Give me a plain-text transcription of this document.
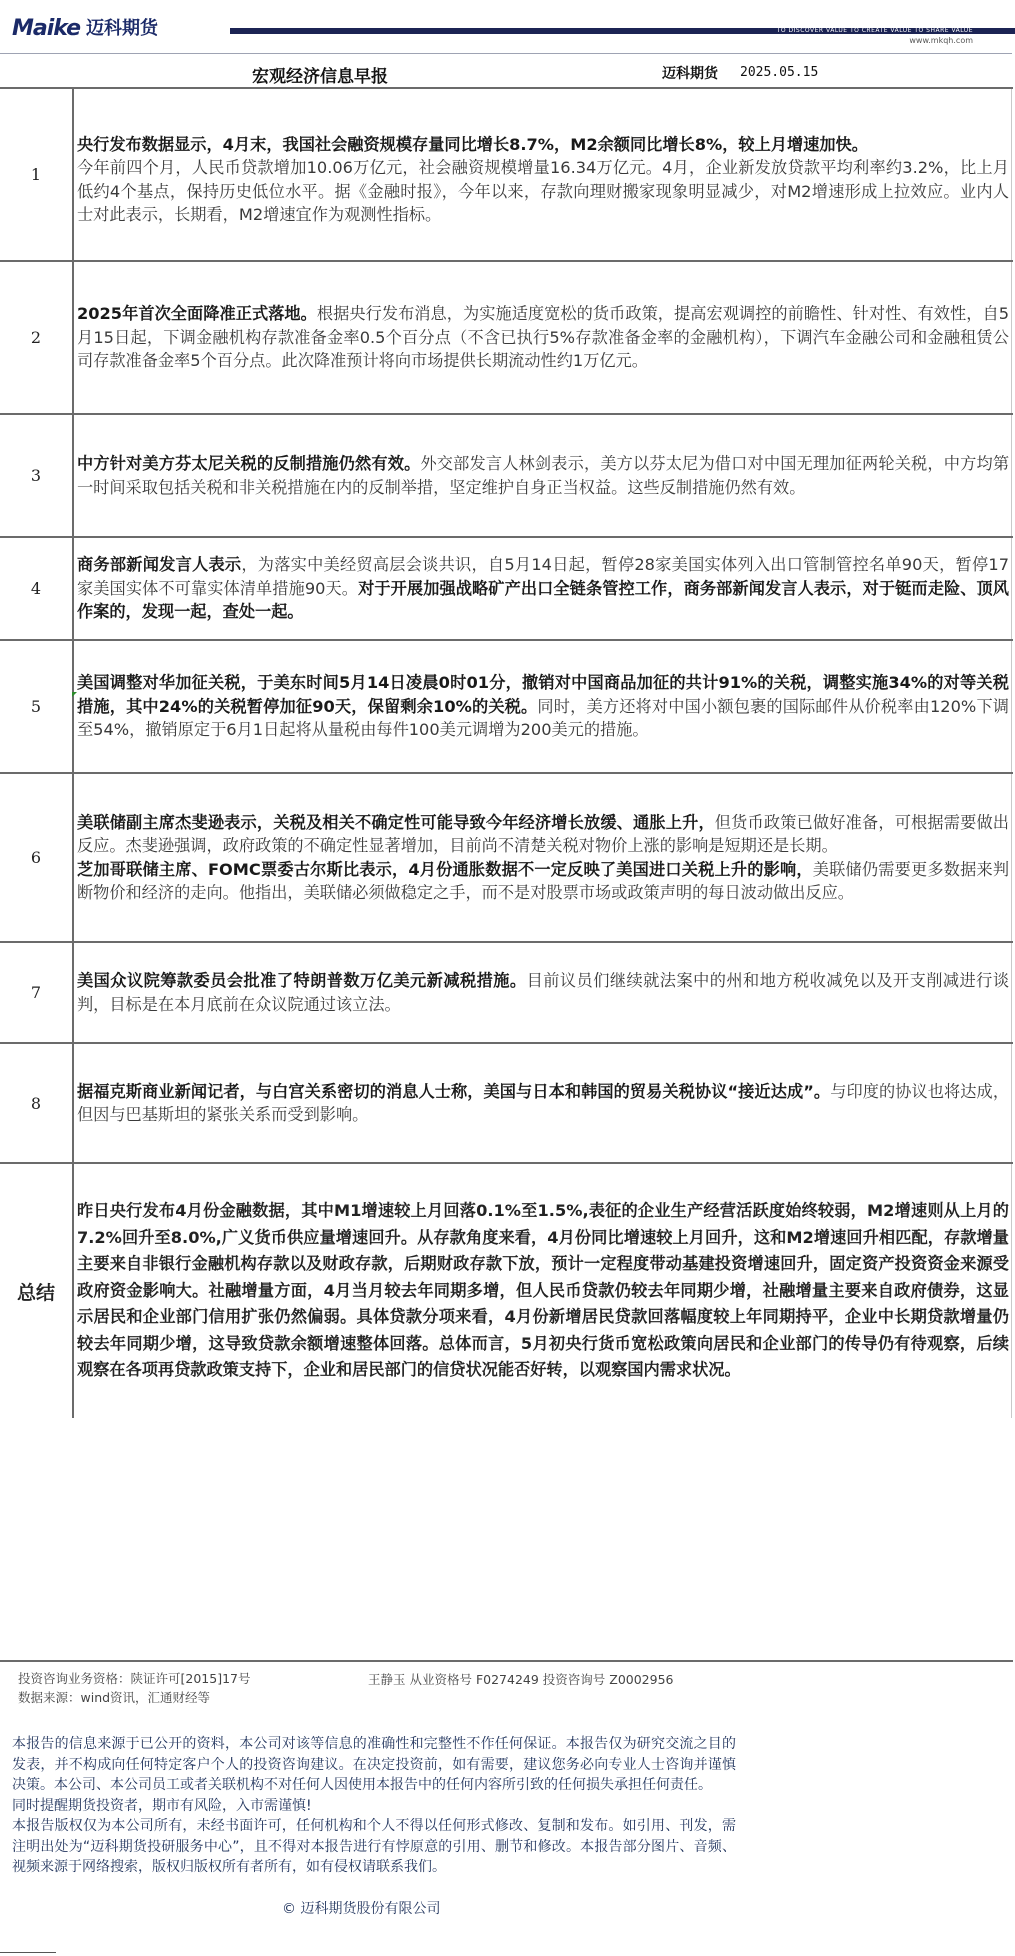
Maike 迈科期货	TO DISCOVER VALUE TO CREATE VALUE TO SHARE VALUE
www.mkqh.com
宏观经济信息早报	迈科期货 2025.05.15
1
央行发布数据显示，4月末，我国社会融资规模存量同比增长8.7%，M2余额同比增长8%，较上月增速加快。
今年前四个月，人民币贷款增加10.06万亿元，社会融资规模增量16.34万亿元。4月，企业新发放贷款平均利率约3.2%，比上月低约4个基点，保持历史低位水平。据《金融时报》，今年以来，存款向理财搬家现象明显减少，对M2增速形成上拉效应。业内人士对此表示，长期看，M2增速宜作为观测性指标。
2
2025年首次全面降准正式落地。根据央行发布消息，为实施适度宽松的货币政策，提高宏观调控的前瞻性、针对性、有效性，自5月15日起，下调金融机构存款准备金率0.5个百分点（不含已执行5%存款准备金率的金融机构），下调汽车金融公司和金融租赁公司存款准备金率5个百分点。此次降准预计将向市场提供长期流动性约1万亿元。
3
中方针对美方芬太尼关税的反制措施仍然有效。外交部发言人林剑表示，美方以芬太尼为借口对中国无理加征两轮关税，中方均第一时间采取包括关税和非关税措施在内的反制举措，坚定维护自身正当权益。这些反制措施仍然有效。
4
商务部新闻发言人表示，为落实中美经贸高层会谈共识，自5月14日起，暂停28家美国实体列入出口管制管控名单90天，暂停17家美国实体不可靠实体清单措施90天。对于开展加强战略矿产出口全链条管控工作，商务部新闻发言人表示，对于铤而走险、顶风作案的，发现一起，查处一起。
5
美国调整对华加征关税，于美东时间5月14日凌晨0时01分，撤销对中国商品加征的共计91%的关税，调整实施34%的对等关税措施，其中24%的关税暂停加征90天，保留剩余10%的关税。同时，美方还将对中国小额包裹的国际邮件从价税率由120%下调至54%，撤销原定于6月1日起将从量税由每件100美元调增为200美元的措施。
6
美联储副主席杰斐逊表示，关税及相关不确定性可能导致今年经济增长放缓、通胀上升，但货币政策已做好准备，可根据需要做出反应。杰斐逊强调，政府政策的不确定性显著增加，目前尚不清楚关税对物价上涨的影响是短期还是长期。
芝加哥联储主席、FOMC票委古尔斯比表示，4月份通胀数据不一定反映了美国进口关税上升的影响，美联储仍需要更多数据来判断物价和经济的走向。他指出，美联储必须做稳定之手，而不是对股票市场或政策声明的每日波动做出反应。
7
美国众议院筹款委员会批准了特朗普数万亿美元新减税措施。目前议员们继续就法案中的州和地方税收减免以及开支削减进行谈判，目标是在本月底前在众议院通过该立法。
8
据福克斯商业新闻记者，与白宫关系密切的消息人士称，美国与日本和韩国的贸易关税协议“接近达成”。与印度的协议也将达成，但因与巴基斯坦的紧张关系而受到影响。
总结
昨日央行发布4月份金融数据，其中M1增速较上月回落0.1%至1.5%,表征的企业生产经营活跃度始终较弱，M2增速则从上月的7.2%回升至8.0%,广义货币供应量增速回升。从存款角度来看，4月份同比增速较上月回升，这和M2增速回升相匹配，存款增量主要来自非银行金融机构存款以及财政存款，后期财政存款下放，预计一定程度带动基建投资增速回升，固定资产投资资金来源受政府资金影响大。社融增量方面，4月当月较去年同期多增，但人民币贷款仍较去年同期少增，社融增量主要来自政府债券，这显示居民和企业部门信用扩张仍然偏弱。具体贷款分项来看，4月份新增居民贷款回落幅度较上年同期持平，企业中长期贷款增量仍较去年同期少增，这导致贷款余额增速整体回落。总体而言，5月初央行货币宽松政策向居民和企业部门的传导仍有待观察，后续观察在各项再贷款政策支持下，企业和居民部门的信贷状况能否好转，以观察国内需求状况。
投资咨询业务资格：陕证许可[2015]17号	王静玉 从业资格号 F0274249 投资咨询号 Z0002956
数据来源：wind资讯，汇通财经等

本报告的信息来源于已公开的资料，本公司对该等信息的准确性和完整性不作任何保证。本报告仅为研究交流之目的发表，并不构成向任何特定客户个人的投资咨询建议。在决定投资前，如有需要，建议您务必向专业人士咨询并谨慎决策。本公司、本公司员工或者关联机构不对任何人因使用本报告中的任何内容所引致的任何损失承担任何责任。

同时提醒期货投资者，期市有风险，入市需谨慎!

本报告版权仅为本公司所有，未经书面许可，任何机构和个人不得以任何形式修改、复制和发布。如引用、刊发，需注明出处为“迈科期货投研服务中心”，且不得对本报告进行有悖原意的引用、删节和修改。本报告部分图片、音频、视频来源于网络搜索，版权归版权所有者所有，如有侵权请联系我们。

© 迈科期货股份有限公司
